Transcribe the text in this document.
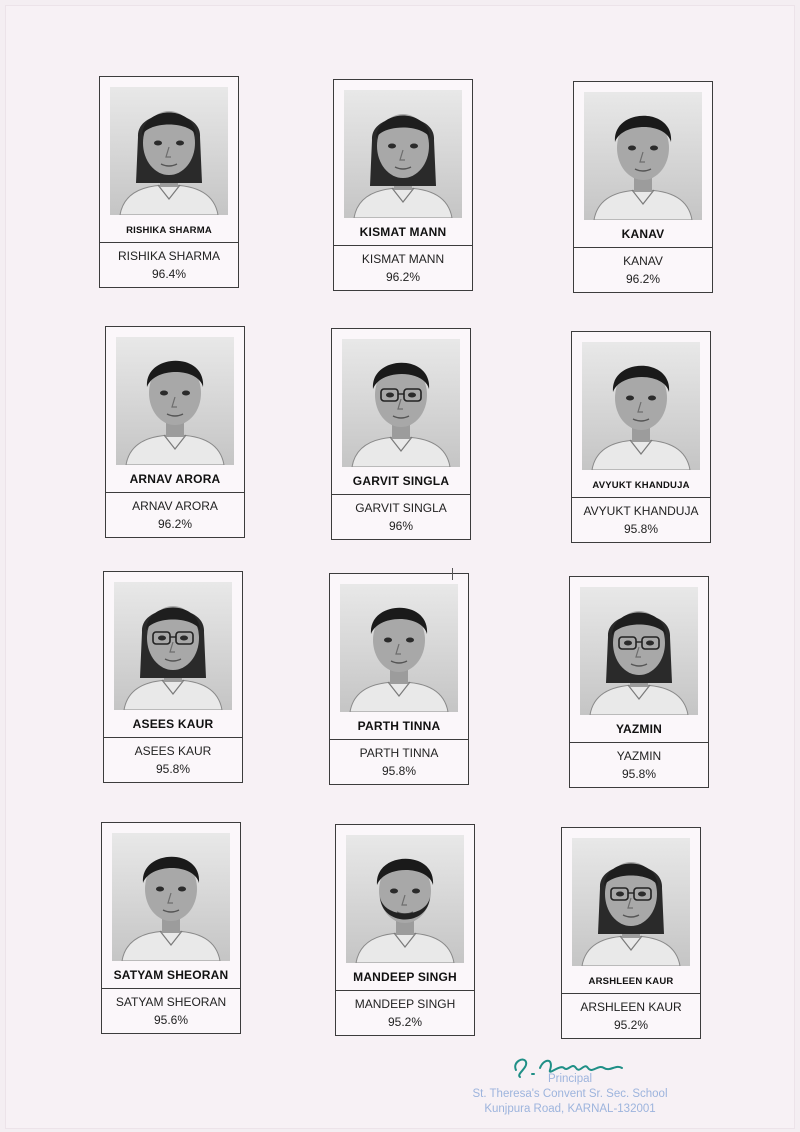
RISHIKA SHARMA
RISHIKA SHARMA
96.4%
KISMAT MANN
KISMAT MANN
96.2%
KANAV
KANAV
96.2%
ARNAV ARORA
ARNAV ARORA
96.2%
GARVIT SINGLA
GARVIT SINGLA
96%
AVYUKT KHANDUJA
AVYUKT KHANDUJA
95.8%
ASEES KAUR
ASEES KAUR
95.8%
PARTH TINNA
PARTH TINNA
95.8%
YAZMIN
YAZMIN
95.8%
SATYAM SHEORAN
SATYAM SHEORAN
95.6%
MANDEEP SINGH
MANDEEP SINGH
95.2%
ARSHLEEN KAUR
ARSHLEEN KAUR
95.2%
Principal
St. Theresa's Convent Sr. Sec. School
Kunjpura Road, KARNAL-132001
